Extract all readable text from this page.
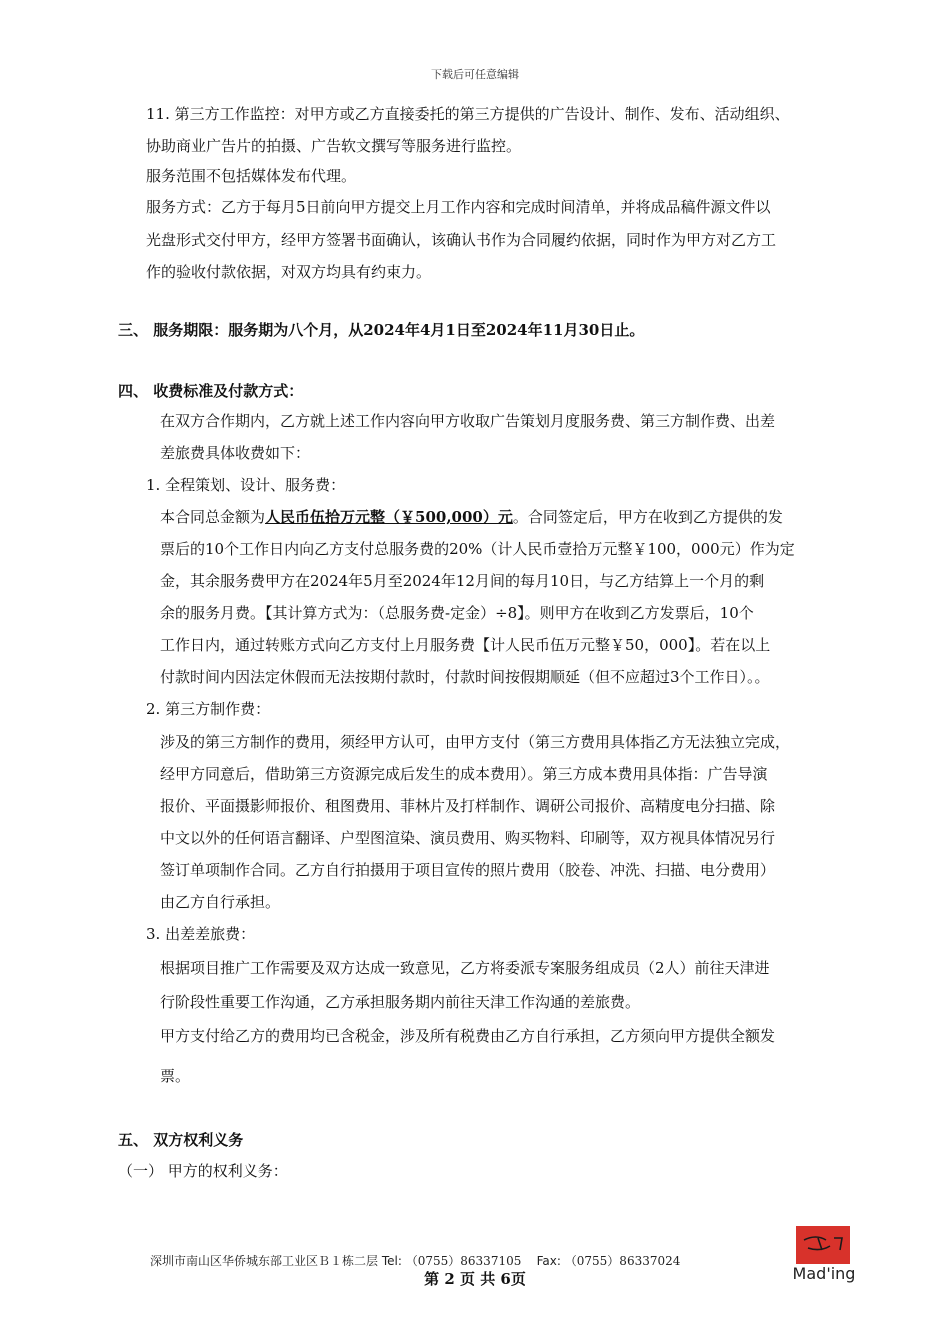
下载后可任意编辑
11. 第三方工作监控：对甲方或乙方直接委托的第三方提供的广告设计、制作、发布、活动组织、
协助商业广告片的拍摄、广告软文撰写等服务进行监控。
服务范围不包括媒体发布代理。
服务方式：乙方于每月5日前向甲方提交上月工作内容和完成时间清单，并将成品稿件源文件以
光盘形式交付甲方，经甲方签署书面确认，该确认书作为合同履约依据，同时作为甲方对乙方工
作的验收付款依据，对双方均具有约束力。
三、 服务期限：服务期为八个月，从2024年4月1日至2024年11月30日止。
四、 收费标准及付款方式：
在双方合作期内，乙方就上述工作内容向甲方收取广告策划月度服务费、第三方制作费、出差
差旅费具体收费如下：
1. 全程策划、设计、服务费：
本合同总金额为人民币伍拾万元整（￥500,000）元。合同签定后，甲方在收到乙方提供的发
票后的10个工作日内向乙方支付总服务费的20%（计人民币壹拾万元整￥100，000元）作为定
金，其余服务费甲方在2024年5月至2024年12月间的每月10日，与乙方结算上一个月的剩
余的服务月费。【其计算方式为：（总服务费-定金）÷8】。则甲方在收到乙方发票后，10个
工作日内，通过转账方式向乙方支付上月服务费【计人民币伍万元整￥50，000】。若在以上
付款时间内因法定休假而无法按期付款时，付款时间按假期顺延（但不应超过3个工作日）。。
2. 第三方制作费：
涉及的第三方制作的费用，须经甲方认可，由甲方支付（第三方费用具体指乙方无法独立完成，
经甲方同意后，借助第三方资源完成后发生的成本费用）。第三方成本费用具体指：广告导演
报价、平面摄影师报价、租图费用、菲林片及打样制作、调研公司报价、高精度电分扫描、除
中文以外的任何语言翻译、户型图渲染、演员费用、购买物料、印刷等，双方视具体情况另行
签订单项制作合同。乙方自行拍摄用于项目宣传的照片费用（胶卷、冲洗、扫描、电分费用）
由乙方自行承担。
3. 出差差旅费：
根据项目推广工作需要及双方达成一致意见，乙方将委派专案服务组成员（2人）前往天津进
行阶段性重要工作沟通，乙方承担服务期内前往天津工作沟通的差旅费。
甲方支付给乙方的费用均已含税金，涉及所有税费由乙方自行承担，乙方须向甲方提供全额发
票。
五、 双方权利义务
（一） 甲方的权利义务：
深圳市南山区华侨城东部工业区Ｂ１栋二层 Tel: （0755）86337105 Fax: （0755）86337024
第 2 页 共 6页	Mad'ing
